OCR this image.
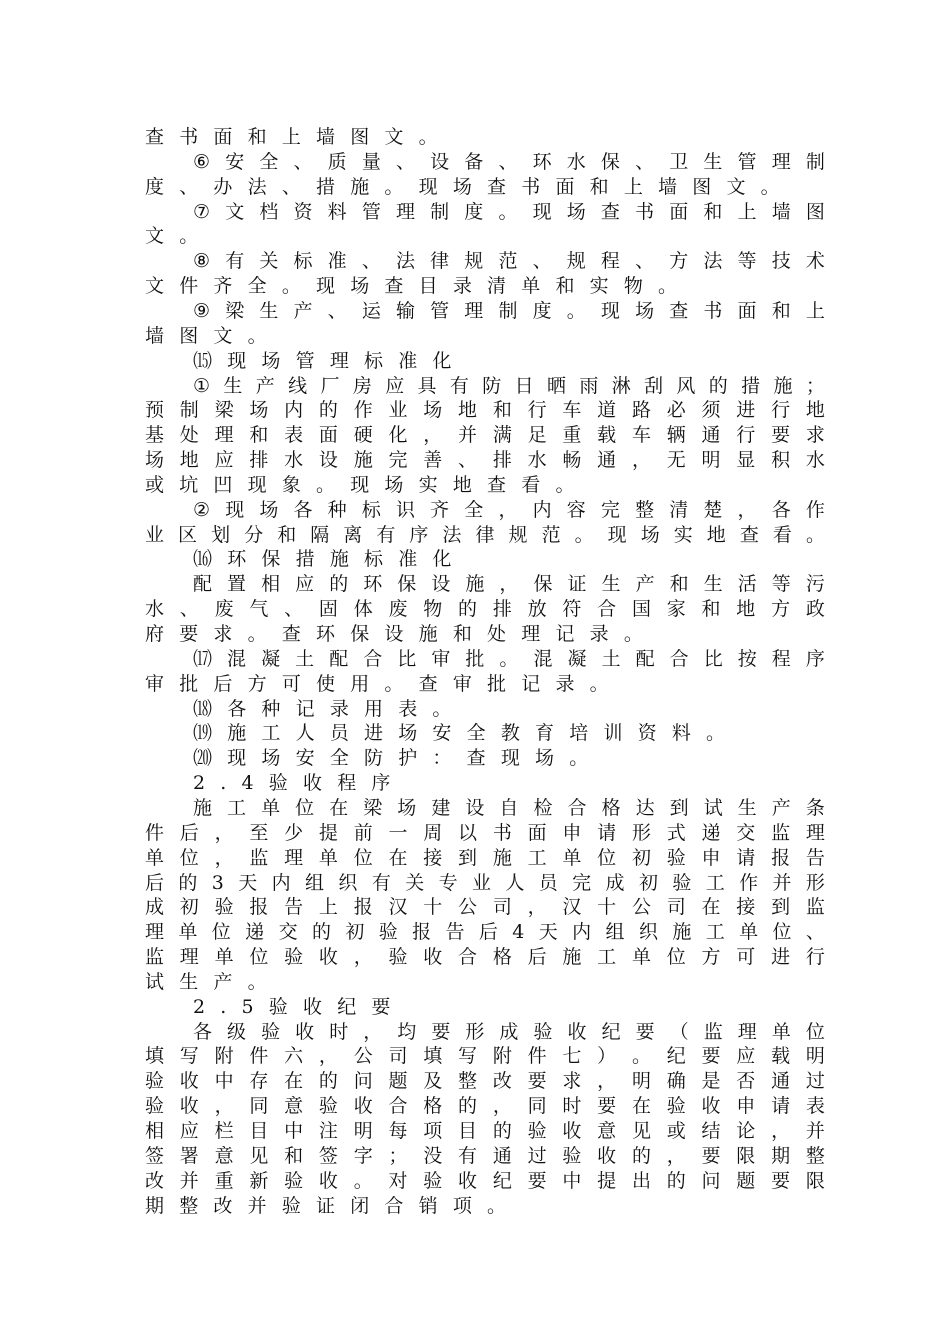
查 书 面 和 上 墙 图 文 。
⑥ 安 全 、 质 量 、 设 备 、 环 水 保 、 卫 生 管 理 制
度 、 办 法 、 措 施 。 现 场 查 书 面 和 上 墙 图 文 。
⑦ 文 档 资 料 管 理 制 度 。 现 场 查 书 面 和 上 墙 图
文 。
⑧ 有 关 标 准 、 法 律 规 范 、 规 程 、 方 法 等 技 术
文 件 齐 全 。 现 场 查 目 录 清 单 和 实 物 。
⑨ 梁 生 产 、 运 输 管 理 制 度 。 现 场 查 书 面 和 上
墙 图 文 。
⒂ 现 场 管 理 标 准 化
① 生 产 线 厂 房 应 具 有 防 日 晒 雨 淋 刮 风 的 措 施 ；
预 制 梁 场 内 的 作 业 场 地 和 行 车 道 路 必 须 进 行 地
基 处 理 和 表 面 硬 化 ， 并 满 足 重 载 车 辆 通 行 要 求
场 地 应 排 水 设 施 完 善 、 排 水 畅 通 ， 无 明 显 积 水
或 坑 凹 现 象 。 现 场 实 地 查 看 。
② 现 场 各 种 标 识 齐 全 ， 内 容 完 整 清 楚 ， 各 作
业 区 划 分 和 隔 离 有 序 法 律 规 范 。 现 场 实 地 查 看 。
⒃ 环 保 措 施 标 准 化
配 置 相 应 的 环 保 设 施 ， 保 证 生 产 和 生 活 等 污
水 、 废 气 、 固 体 废 物 的 排 放 符 合 国 家 和 地 方 政
府 要 求 。 查 环 保 设 施 和 处 理 记 录 。
⒄ 混 凝 土 配 合 比 审 批 。 混 凝 土 配 合 比 按 程 序
审 批 后 方 可 使 用 。 查 审 批 记 录 。
⒅ 各 种 记 录 用 表 。
⒆ 施 工 人 员 进 场 安 全 教 育 培 训 资 料 。
⒇ 现 场 安 全 防 护 ： 查 现 场 。
2 . 4 验 收 程 序
施 工 单 位 在 梁 场 建 设 自 检 合 格 达 到 试 生 产 条
件 后 ， 至 少 提 前 一 周 以 书 面 申 请 形 式 递 交 监 理
单 位 ， 监 理 单 位 在 接 到 施 工 单 位 初 验 申 请 报 告
后 的 3 天 内 组 织 有 关 专 业 人 员 完 成 初 验 工 作 并 形
成 初 验 报 告 上 报 汉 十 公 司 ， 汉 十 公 司 在 接 到 监
理 单 位 递 交 的 初 验 报 告 后 4 天 内 组 织 施 工 单 位 、
监 理 单 位 验 收 ， 验 收 合 格 后 施 工 单 位 方 可 进 行
试 生 产 。
2 . 5 验 收 纪 要
各 级 验 收 时 ， 均 要 形 成 验 收 纪 要 （ 监 理 单 位
填 写 附 件 六 ， 公 司 填 写 附 件 七 ） 。 纪 要 应 载 明
验 收 中 存 在 的 问 题 及 整 改 要 求 ， 明 确 是 否 通 过
验 收 ， 同 意 验 收 合 格 的 ， 同 时 要 在 验 收 申 请 表
相 应 栏 目 中 注 明 每 项 目 的 验 收 意 见 或 结 论 ， 并
签 署 意 见 和 签 字 ； 没 有 通 过 验 收 的 ， 要 限 期 整
改 并 重 新 验 收 。 对 验 收 纪 要 中 提 出 的 问 题 要 限
期 整 改 并 验 证 闭 合 销 项 。
